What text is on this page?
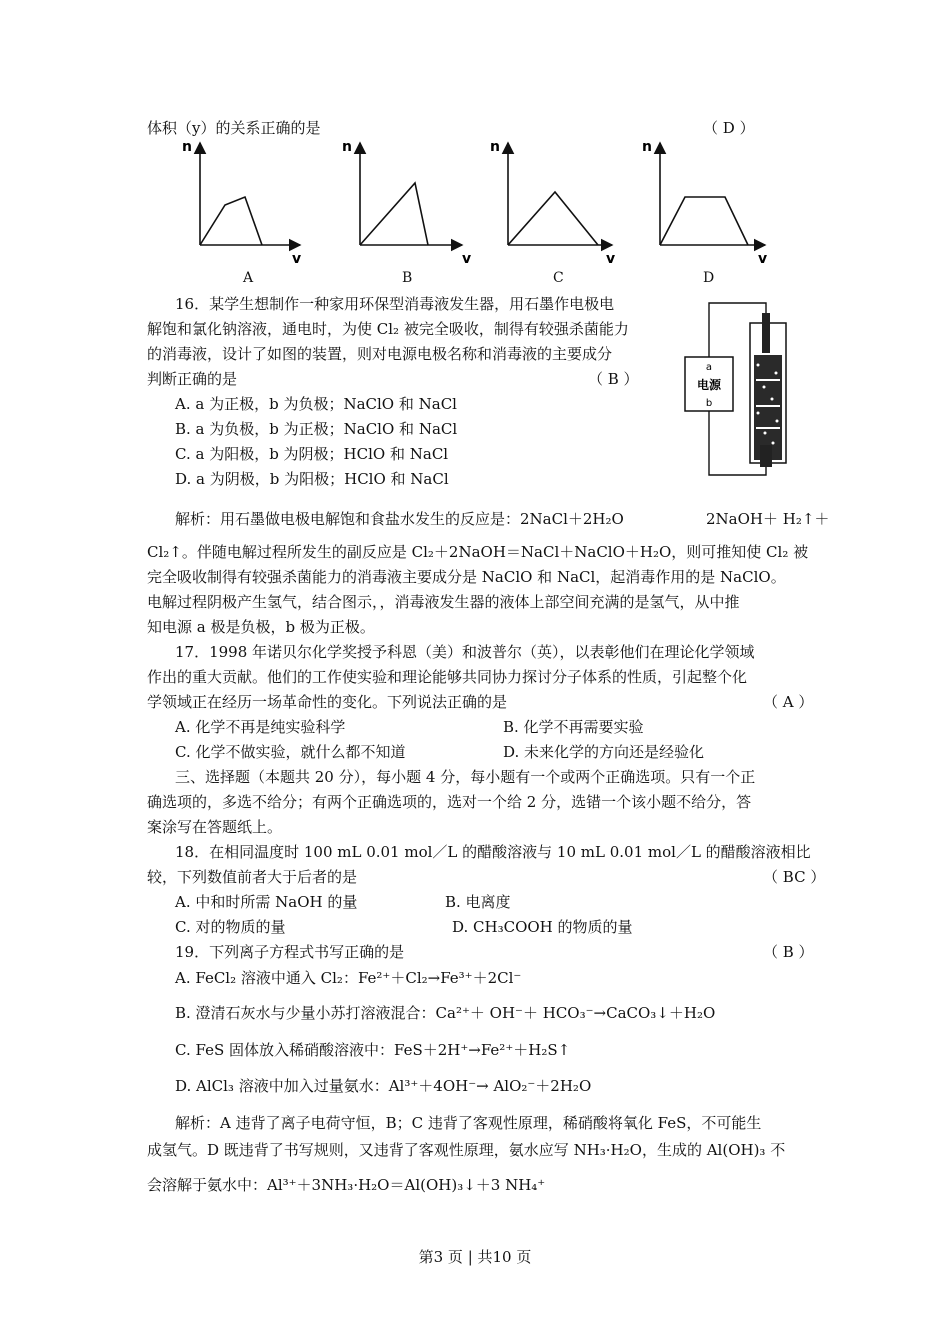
体积（y）的关系正确的是	（ D ）
n
v
n
v
n
v
n
v
A	B	C	D
16．某学生想制作一种家用环保型消毒液发生器，用石墨作电极电
解饱和氯化钠溶液，通电时，为使 Cl₂ 被完全吸收，制得有较强杀菌能力
的消毒液，设计了如图的装置，则对电源电极名称和消毒液的主要成分
判断正确的是	（ B ）
A. a 为正极，b 为负极；NaClO 和 NaCl
B. a 为负极，b 为正极；NaClO 和 NaCl
C. a 为阳极，b 为阴极；HClO 和 NaCl
D. a 为阴极，b 为阳极；HClO 和 NaCl
a
电源
b
解析：用石墨做电极电解饱和食盐水发生的反应是：2NaCl＋2H₂O	2NaOH＋ H₂↑＋
Cl₂↑。伴随电解过程所发生的副反应是 Cl₂＋2NaOH＝NaCl＋NaClO＋H₂O，则可推知使 Cl₂ 被
完全吸收制得有较强杀菌能力的消毒液主要成分是 NaClO 和 NaCl，起消毒作用的是 NaClO。
电解过程阴极产生氢气，结合图示，，消毒液发生器的液体上部空间充满的是氢气，从中推
知电源 a 极是负极，b 极为正极。
17．1998 年诺贝尔化学奖授予科恩（美）和波普尔（英），以表彰他们在理论化学领域
作出的重大贡献。他们的工作使实验和理论能够共同协力探讨分子体系的性质，引起整个化
学领域正在经历一场革命性的变化。下列说法正确的是	（ A ）
A. 化学不再是纯实验科学	B. 化学不再需要实验
C. 化学不做实验，就什么都不知道	D. 未来化学的方向还是经验化
三、选择题（本题共 20 分），每小题 4 分，每小题有一个或两个正确选项。只有一个正
确选项的，多选不给分；有两个正确选项的，选对一个给 2 分，选错一个该小题不给分，答
案涂写在答题纸上。
18．在相同温度时 100 mL 0.01 mol／L 的醋酸溶液与 10 mL 0.01 mol／L 的醋酸溶液相比
较，下列数值前者大于后者的是	（ BC ）
A. 中和时所需 NaOH 的量	B. 电离度
C. 对的物质的量	D. CH₃COOH 的物质的量
19．下列离子方程式书写正确的是	（ B ）
A. FeCl₂ 溶液中通入 Cl₂：Fe²⁺＋Cl₂→Fe³⁺＋2Cl⁻
B. 澄清石灰水与少量小苏打溶液混合：Ca²⁺＋ OH⁻＋ HCO₃⁻→CaCO₃↓＋H₂O
C. FeS 固体放入稀硝酸溶液中：FeS＋2H⁺→Fe²⁺＋H₂S↑
D. AlCl₃ 溶液中加入过量氨水：Al³⁺＋4OH⁻→ AlO₂⁻＋2H₂O
解析：A 违背了离子电荷守恒，B；C 违背了客观性原理，稀硝酸将氧化 FeS，不可能生
成氢气。D 既违背了书写规则，又违背了客观性原理，氨水应写 NH₃·H₂O，生成的 Al(OH)₃ 不
会溶解于氨水中：Al³⁺＋3NH₃·H₂O＝Al(OH)₃↓＋3 NH₄⁺
第3 页 | 共10 页
